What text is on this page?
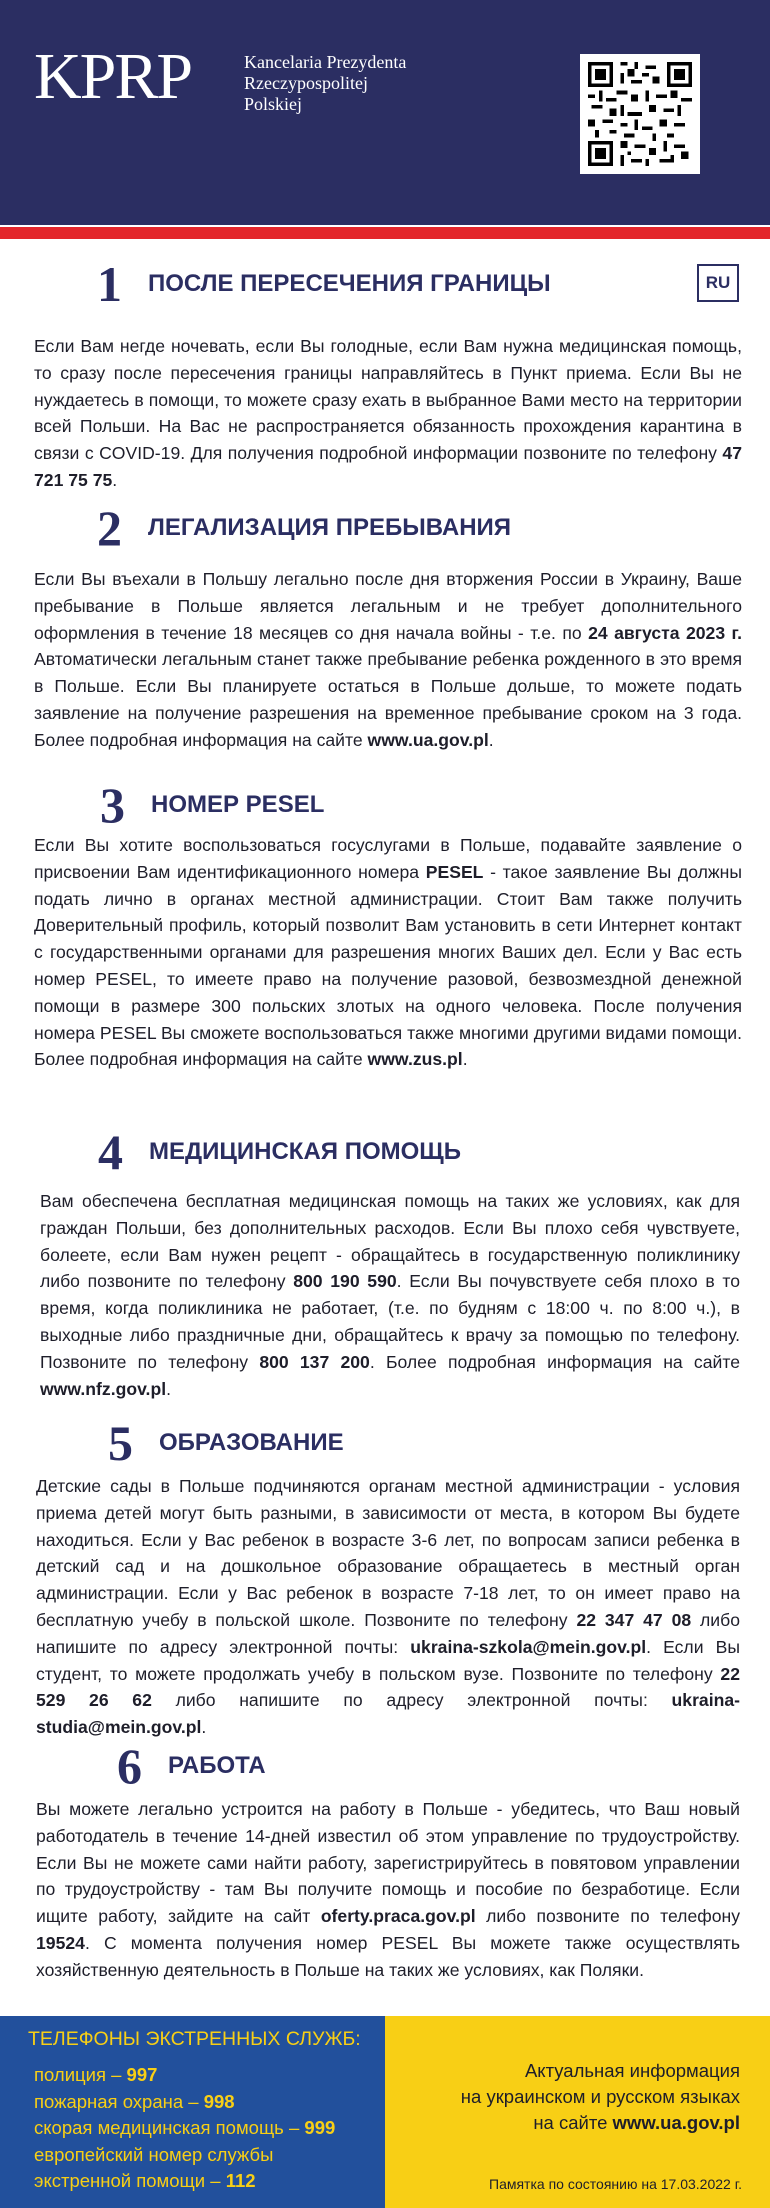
KPRP	Kancelaria Prezydenta
Rzeczypospolitej
Polskiej
RU
1 ПОСЛЕ ПЕРЕСЕЧЕНИЯ ГРАНИЦЫ
Если Вам негде ночевать, если Вы голодные, если Вам нужна медицинская помощь, то сразу после пересечения границы направляйтесь в Пункт приема. Если Вы не нуждаетесь в помощи, то можете сразу ехать в выбранное Вами место на территории всей Польши. На Вас не распространяется обязанность прохождения карантина в связи с COVID-19. Для получения подробной информации позвоните по телефону 47 721 75 75.
2 ЛЕГАЛИЗАЦИЯ ПРЕБЫВАНИЯ
Если Вы въехали в Польшу легально после дня вторжения России в Украину, Ваше пребывание в Польше является легальным и не требует дополнительного оформления в течение 18 месяцев со дня начала войны - т.е. по 24 августа 2023 г. Автоматически легальным станет также пребывание ребенка рожденного в это время в Польше. Если Вы планируете остаться в Польше дольше, то можете подать заявление на получение разрешения на временное пребывание сроком на 3 года. Более подробная информация на сайте www.ua.gov.pl.
3 НОМЕР PESEL
Если Вы хотите воспользоваться госуслугами в Польше, подавайте заявление о присвоении Вам идентификационного номера PESEL - такое заявление Вы должны подать лично в органах местной администрации. Стоит Вам также получить Доверительный профиль, который позволит Вам установить в сети Интернет контакт с государственными органами для разрешения многих Ваших дел. Если у Вас есть номер PESEL, то имеете право на получение разовой, безвозмездной денежной помощи в размере 300 польских злотых на одного человека. После получения номера PESEL Вы сможете воспользоваться также многими другими видами помощи. Более подробная информация на сайте www.zus.pl.
4 МЕДИЦИНСКАЯ ПОМОЩЬ
Вам обеспечена бесплатная медицинская помощь на таких же условиях, как для граждан Польши, без дополнительных расходов. Если Вы плохо себя чувствуете, болеете, если Вам нужен рецепт - обращайтесь в государственную поликлинику либо позвоните по телефону 800 190 590. Если Вы почувствуете себя плохо в то время, когда поликлиника не работает, (т.е. по будням с 18:00 ч. по 8:00 ч.), в выходные либо праздничные дни, обращайтесь к врачу за помощью по телефону. Позвоните по телефону 800 137 200. Более подробная информация на сайте www.nfz.gov.pl.
5 ОБРАЗОВАНИЕ
Детские сады в Польше подчиняются органам местной администрации - условия приема детей могут быть разными, в зависимости от места, в котором Вы будете находиться. Если у Вас ребенок в возрасте 3-6 лет, по вопросам записи ребенка в детский сад и на дошкольное образование обращаетесь в местный орган администрации. Если у Вас ребенок в возрасте 7-18 лет, то он имеет право на бесплатную учебу в польской школе. Позвоните по телефону 22 347 47 08 либо напишите по адресу электронной почты: ukraina-szkola@mein.gov.pl. Если Вы студент, то можете продолжать учебу в польском вузе. Позвоните по телефону 22 529 26 62 либо напишите по адресу электронной почты: ukraina-studia@mein.gov.pl.
6 РАБОТА
Вы можете легально устроится на работу в Польше - убедитесь, что Ваш новый работодатель в течение 14-дней известил об этом управление по трудоустройству. Если Вы не можете сами найти работу, зарегистрируйтесь в повятовом управлении по трудоустройству - там Вы получите помощь и пособие по безработице. Если ищите работу, зайдите на сайт oferty.praca.gov.pl либо позвоните по телефону 19524. С момента получения номер PESEL Вы можете также осуществлять хозяйственную деятельность в Польше на таких же условиях, как Поляки.
ТЕЛЕФОНЫ ЭКСТРЕННЫХ СЛУЖБ:
полиция – 997
пожарная охрана – 998
скорая медицинская помощь – 999
европейский номер службы
экстренной помощи – 112
Актуальная информация
на украинском и русском языках
на сайте www.ua.gov.pl
Памятка по состоянию на 17.03.2022 г.
